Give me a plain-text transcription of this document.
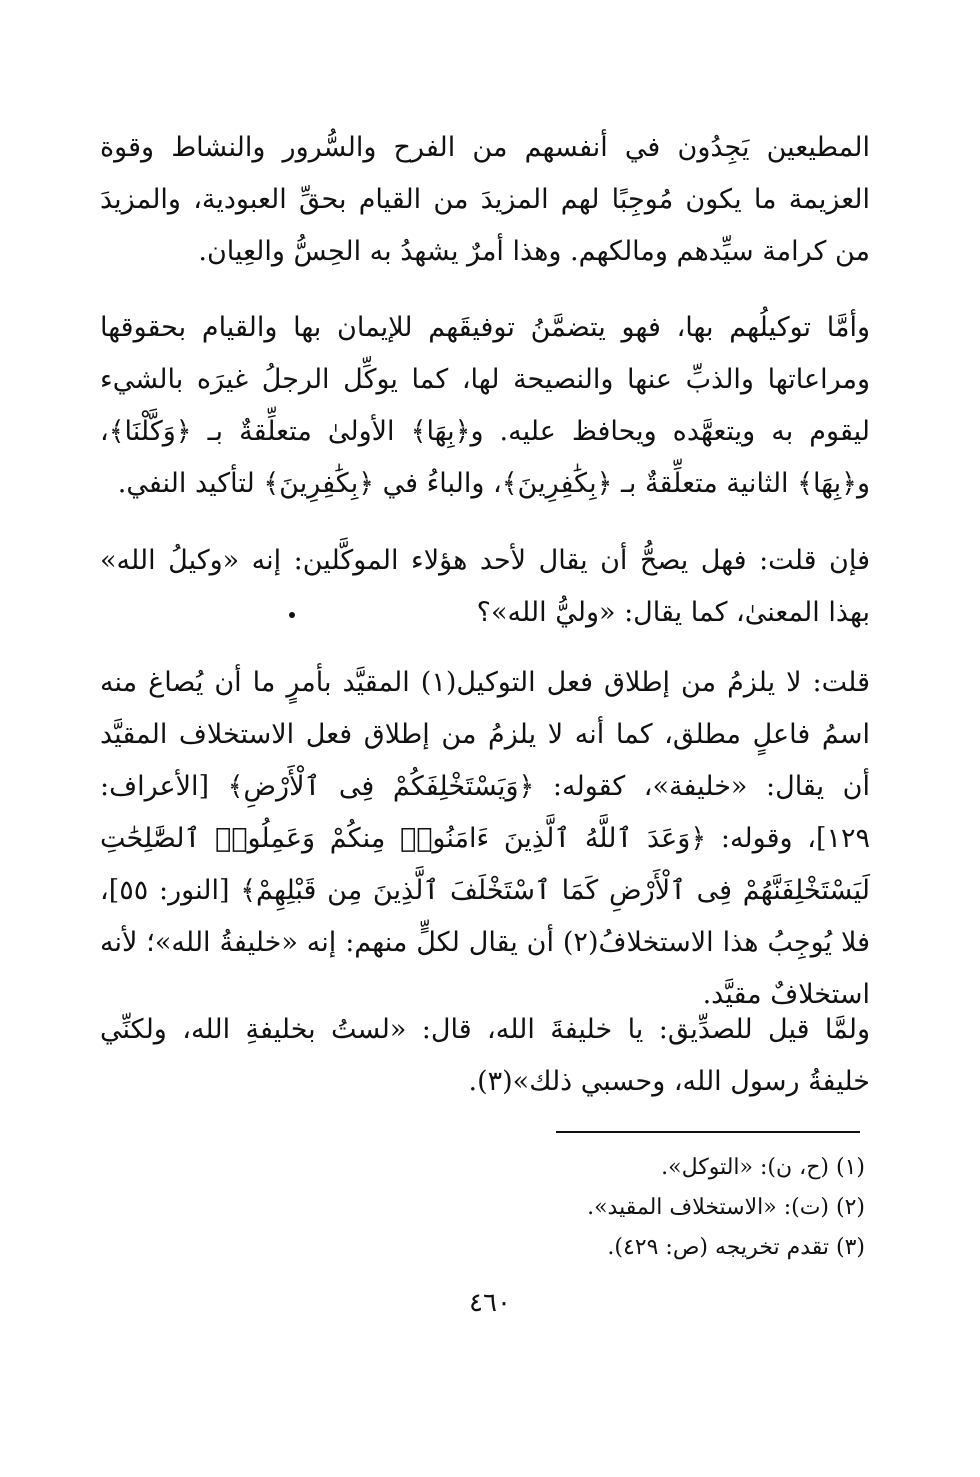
المطيعين يَجِدُون في أنفسهم من الفرح والسُّرور والنشاط وقوة العزيمة ما يكون مُوجِبًا لهم المزيدَ من القيام بحقِّ العبودية، والمزيدَ من كرامة سيِّدهم ومالكهم. وهذا أمرٌ يشهدُ به الحِسُّ والعِيان.

وأمَّا توكيلُهم بها، فهو يتضمَّنُ توفيقَهم للإيمان بها والقيام بحقوقها ومراعاتها والذبِّ عنها والنصيحة لها، كما يوكِّل الرجلُ غيرَه بالشيء ليقوم به ويتعهَّده ويحافظ عليه. و﴿بِهَا﴾ الأولىٰ متعلِّقةٌ بـ ﴿وَكَّلْنَا﴾، و﴿بِهَا﴾ الثانية متعلِّقةٌ بـ ﴿بِكَٰفِرِينَ﴾، والباءُ في ﴿بِكَٰفِرِينَ﴾ لتأكيد النفي.

فإن قلت: فهل يصحُّ أن يقال لأحد هؤلاء الموكَّلين: إنه «وكيلُ الله» بهذا المعنىٰ، كما يقال: «وليُّ الله»؟

قلت: لا يلزمُ من إطلاق فعل التوكيل(١) المقيَّد بأمرٍ ما أن يُصاغ منه اسمُ فاعلٍ مطلق، كما أنه لا يلزمُ من إطلاق فعل الاستخلاف المقيَّد أن يقال: «خليفة»، كقوله: ﴿وَيَسْتَخْلِفَكُمْ فِى ٱلْأَرْضِ﴾ [الأعراف: ١٢٩]، وقوله: ﴿وَعَدَ ٱللَّهُ ٱلَّذِينَ ءَامَنُوا۟ مِنكُمْ وَعَمِلُوا۟ ٱلصَّٰلِحَٰتِ لَيَسْتَخْلِفَنَّهُمْ فِى ٱلْأَرْضِ كَمَا ٱسْتَخْلَفَ ٱلَّذِينَ مِن قَبْلِهِمْ﴾ [النور: ٥٥]، فلا يُوجِبُ هذا الاستخلافُ(٢) أن يقال لكلٍّ منهم: إنه «خليفةُ الله»؛ لأنه استخلافٌ مقيَّد.

ولمَّا قيل للصدِّيق: يا خليفةَ الله، قال: «لستُ بخليفةِ الله، ولكنِّي خليفةُ رسول الله، وحسبي ذلك»(٣).

(١) (ح، ن): «التوكل».
(٢) (ت): «الاستخلاف المقيد».
(٣) تقدم تخريجه (ص: ٤٢٩).
٤٦٠
